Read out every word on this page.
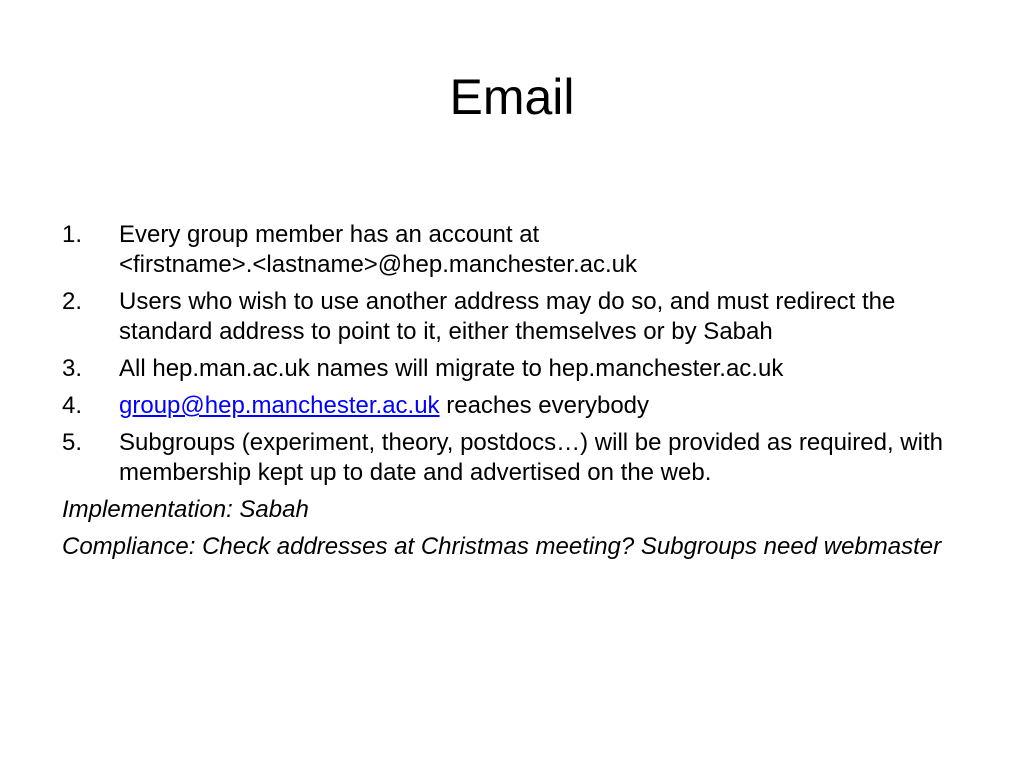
Email
1. Every group member has an account at
<firstname>.<lastname>@hep.manchester.ac.uk
2. Users who wish to use another address may do so, and must redirect the standard address to point to it, either themselves or by Sabah
3. All hep.man.ac.uk names will migrate to hep.manchester.ac.uk
4. group@hep.manchester.ac.uk reaches everybody
5. Subgroups (experiment, theory, postdocs…) will be provided as required, with membership kept up to date and advertised on the web.
Implementation: Sabah
Compliance: Check addresses at Christmas meeting? Subgroups need webmaster
